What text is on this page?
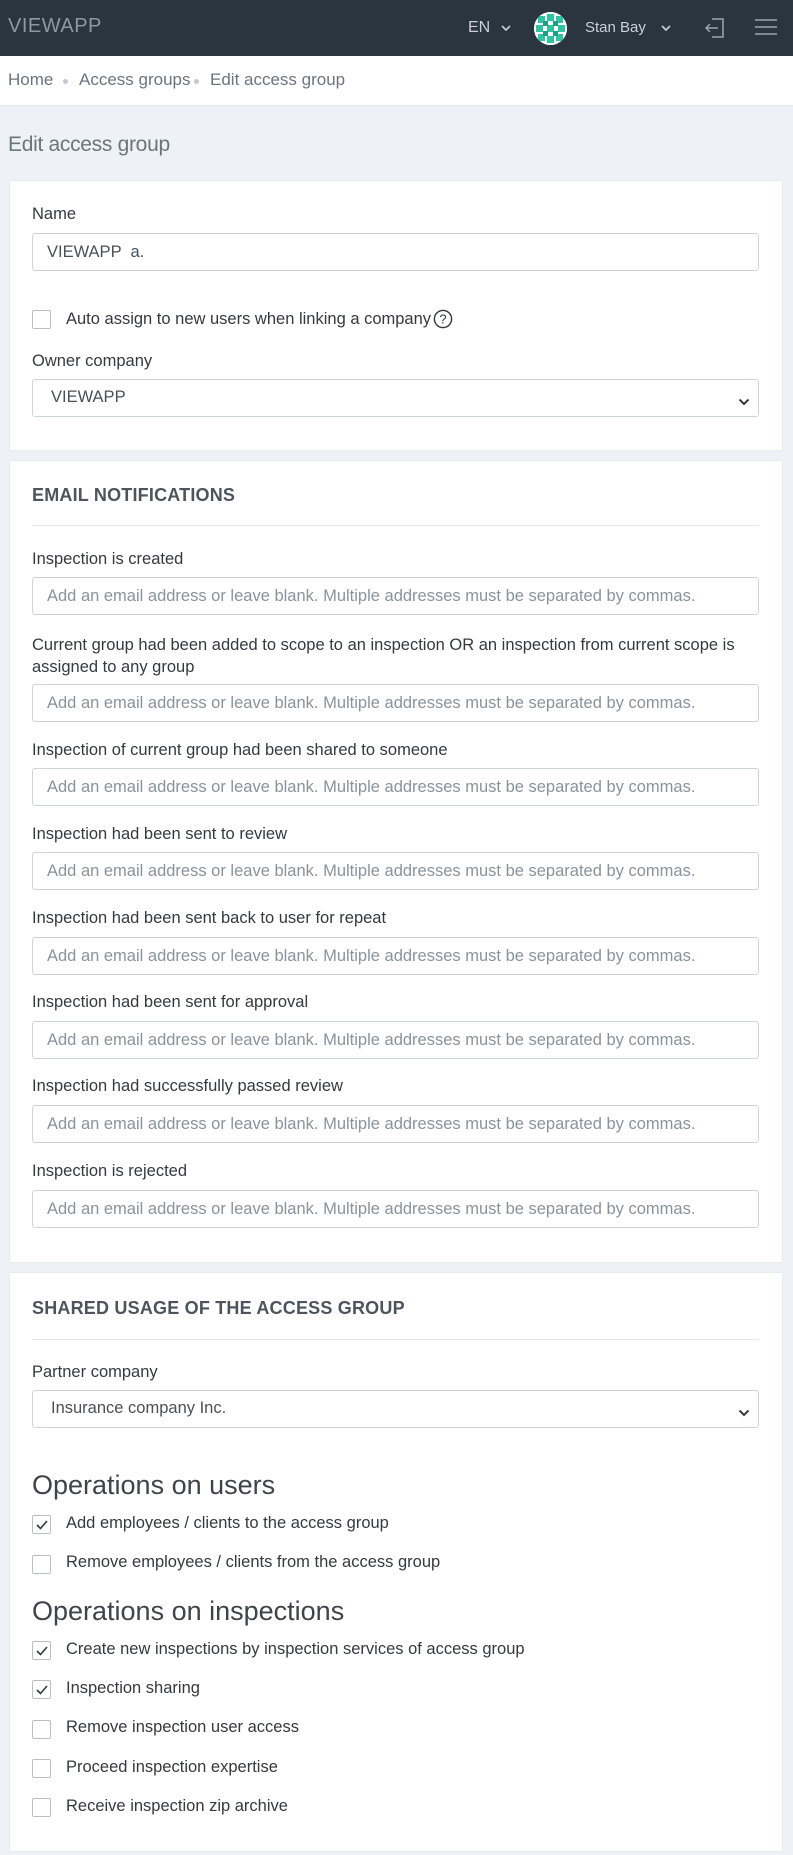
VIEWAPP	EN	Stan Bay
Home Access groups Edit access group
Edit access group
Name
VIEWAPP a.
Auto assign to new users when linking a company ?
Owner company
VIEWAPP
EMAIL NOTIFICATIONS
Inspection is created
Add an email address or leave blank. Multiple addresses must be separated by commas.
Current group had been added to scope to an inspection OR an inspection from current scope is assigned to any group
Add an email address or leave blank. Multiple addresses must be separated by commas.
Inspection of current group had been shared to someone
Add an email address or leave blank. Multiple addresses must be separated by commas.
Inspection had been sent to review
Add an email address or leave blank. Multiple addresses must be separated by commas.
Inspection had been sent back to user for repeat
Add an email address or leave blank. Multiple addresses must be separated by commas.
Inspection had been sent for approval
Add an email address or leave blank. Multiple addresses must be separated by commas.
Inspection had successfully passed review
Add an email address or leave blank. Multiple addresses must be separated by commas.
Inspection is rejected
Add an email address or leave blank. Multiple addresses must be separated by commas.
SHARED USAGE OF THE ACCESS GROUP
Partner company
Insurance company Inc.
Operations on users
Add employees / clients to the access group
Remove employees / clients from the access group
Operations on inspections
Create new inspections by inspection services of access group
Inspection sharing
Remove inspection user access
Proceed inspection expertise
Receive inspection zip archive
